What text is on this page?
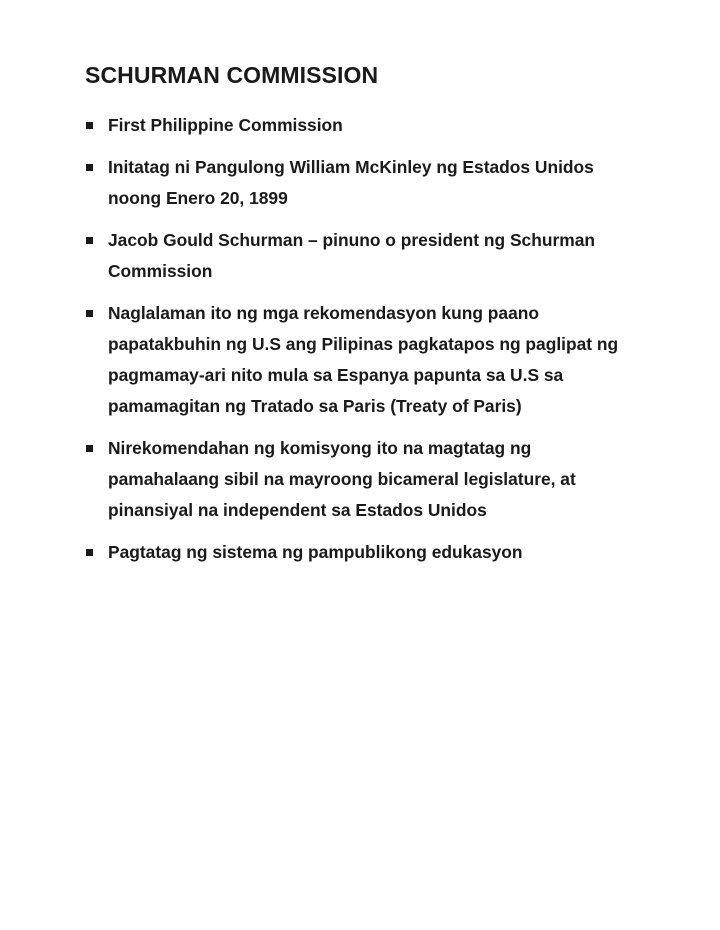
SCHURMAN COMMISSION
First Philippine Commission
Initatag ni Pangulong William McKinley ng Estados Unidos noong Enero 20, 1899
Jacob Gould Schurman – pinuno o president ng Schurman Commission
Naglalaman ito ng mga rekomendasyon kung paano papatakbuhin ng U.S ang Pilipinas pagkatapos ng paglipat ng pagmamay-ari nito mula sa Espanya papunta sa U.S sa pamamagitan ng Tratado sa Paris (Treaty of Paris)
Nirekomendahan ng komisyong ito na magtatag ng pamahalaang sibil na mayroong bicameral legislature, at pinansiyal na independent sa Estados Unidos
Pagtatag ng sistema ng pampublikong edukasyon
